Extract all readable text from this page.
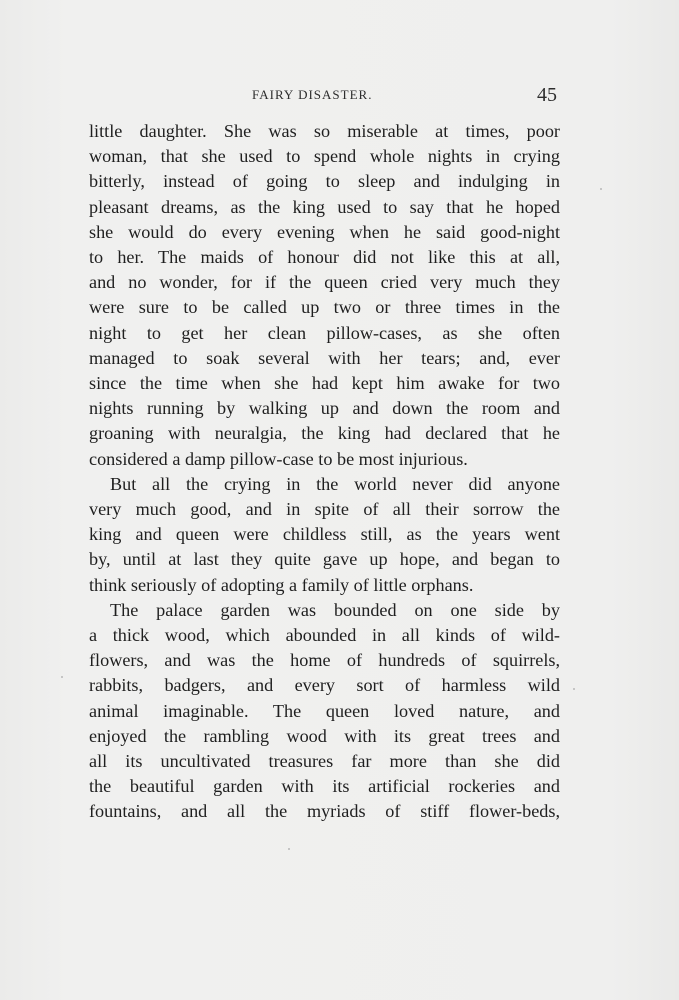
FAIRY DISASTER.	45
little daughter. She was so miserable at times, poor
woman, that she used to spend whole nights in crying
bitterly, instead of going to sleep and indulging in
pleasant dreams, as the king used to say that he hoped
she would do every evening when he said good-night
to her. The maids of honour did not like this at all,
and no wonder, for if the queen cried very much they
were sure to be called up two or three times in the
night to get her clean pillow-cases, as she often
managed to soak several with her tears; and, ever
since the time when she had kept him awake for two
nights running by walking up and down the room and
groaning with neuralgia, the king had declared that he
considered a damp pillow-case to be most injurious.
But all the crying in the world never did anyone
very much good, and in spite of all their sorrow the
king and queen were childless still, as the years went
by, until at last they quite gave up hope, and began to
think seriously of adopting a family of little orphans.
The palace garden was bounded on one side by
a thick wood, which abounded in all kinds of wild-
flowers, and was the home of hundreds of squirrels,
rabbits, badgers, and every sort of harmless wild
animal imaginable. The queen loved nature, and
enjoyed the rambling wood with its great trees and
all its uncultivated treasures far more than she did
the beautiful garden with its artificial rockeries and
fountains, and all the myriads of stiff flower-beds,
